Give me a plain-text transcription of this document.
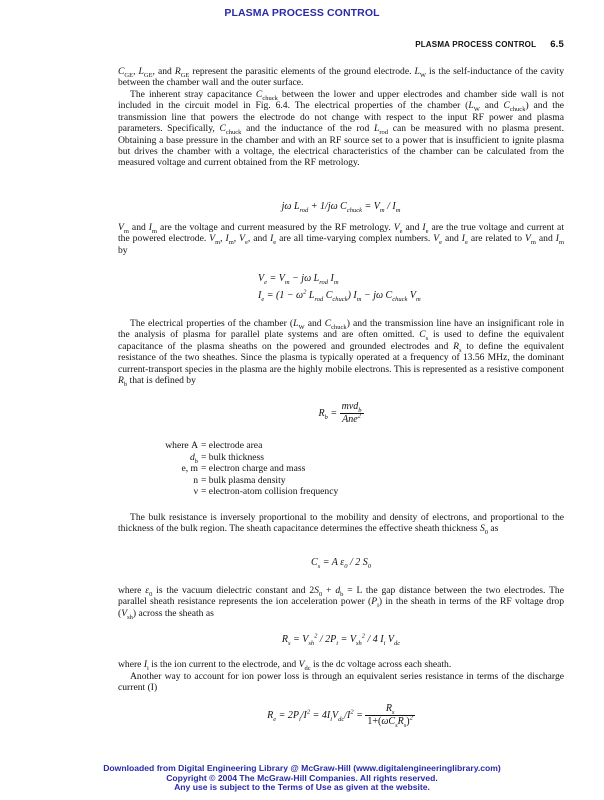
PLASMA PROCESS CONTROL
PLASMA PROCESS CONTROL 6.5

$C_{GE}$, $L_{GE}$, and $R_{GE}$ represent the parasitic elements of the ground electrode. $L_W$ is the self-inductance of the cavity between the chamber wall and the outer surface.

The inherent stray capacitance $C_{chuck}$ between the lower and upper electrodes and chamber side wall is not included in the circuit model in Fig. 6.4. The electrical properties of the chamber ($L_W$ and $C_{chuck}$) and the transmission line that powers the electrode do not change with respect to the input RF power and plasma parameters. Specifically, $C_{chuck}$ and the inductance of the rod $L_{rod}$ can be measured with no plasma present. Obtaining a base pressure in the chamber and with an RF source set to a power that is insufficient to ignite plasma but drives the chamber with a voltage, the electrical characteristics of the chamber can be calculated from the measured voltage and current obtained from the RF metrology.

jω $L_{rod} + 1/j\omega$ $C_{chuck} = V_m / I_m$

$V_m$ and $I_m$ are the voltage and current measured by the RF metrology. $V_e$ and $I_e$ are the true voltage and current at the powered electrode. $V_m$, $I_m$, $V_e$, and $I_e$ are all time-varying complex numbers. $V_e$ and $I_e$ are related to $V_m$ and $I_m$ by

$V_e = V_m - j\omega$ $L_{rod}$ $I_m$
$I_e = (1 - \omega^2$ $L_{rod}$ $C_{chuck}$) $I_m - j\omega$ $C_{chuck}$ $V_m$

The electrical properties of the chamber ($L_W$ and $C_{chuck}$) and the transmission line have an insignificant role in the analysis of plasma for parallel plate systems and are often omitted. $C_s$ is used to define the equivalent capacitance of the plasma sheaths on the powered and grounded electrodes and $R_s$ to define the equivalent resistance of the two sheathes. Since the plasma is typically operated at a frequency of 13.56 MHz, the dominant current-transport species in the plasma are the highly mobile electrons. This is represented as a resistive component $R_b$ that is defined by

$R_b = \frac{m\nu d_b}{Ane^2}$
where A = electrode area
$d_b$ = bulk thickness
e, m = electron charge and mass
n = bulk plasma density
ν = electron-atom collision frequency

The bulk resistance is inversely proportional to the mobility and density of electrons, and proportional to the thickness of the bulk region. The sheath capacitance determines the effective sheath thickness $S_0$ as

$C_s = A$ $\varepsilon_0 / 2$ $S_0$

where $\varepsilon_0$ is the vacuum dielectric constant and $2S_0 + d_b = L$ the gap distance between the two electrodes. The parallel sheath resistance represents the ion acceleration power $(P_i)$ in the sheath in terms of the RF voltage drop $(V_{sh})$ across the sheath as

$R_s = V_{sh}^2 / 2P_i = V_{sh}^2 / 4$ $I_i$ $V_{dc}$

where $I_i$ is the ion current to the electrode, and $V_{dc}$ is the dc voltage across each sheath.

Another way to account for ion power loss is through an equivalent series resistance in terms of the discharge current (I)

$R_e = 2P_i/I^2 = 4I_iV_{dc}/I^2 = \frac{R_s}{1+(\omega C_sR_s)^2}$
Downloaded from Digital Engineering Library @ McGraw-Hill (www.digitalengineeringlibrary.com)
Copyright © 2004 The McGraw-Hill Companies. All rights reserved.
Any use is subject to the Terms of Use as given at the website.
